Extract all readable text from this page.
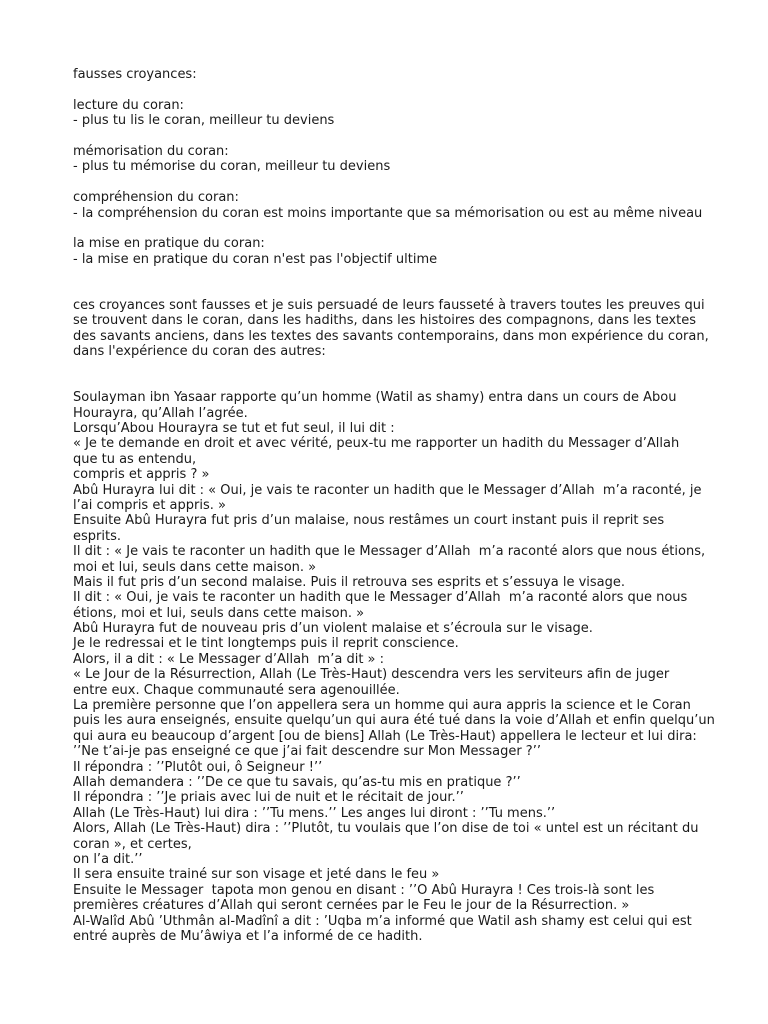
fausses croyances:
lecture du coran:
- plus tu lis le coran, meilleur tu deviens
mémorisation du coran:
- plus tu mémorise du coran, meilleur tu deviens
compréhension du coran:
- la compréhension du coran est moins importante que sa mémorisation ou est au même niveau
la mise en pratique du coran:
- la mise en pratique du coran n'est pas l'objectif ultime
ces croyances sont fausses et je suis persuadé de leurs fausseté à travers toutes les preuves qui
se trouvent dans le coran, dans les hadiths, dans les histoires des compagnons, dans les textes
des savants anciens, dans les textes des savants contemporains, dans mon expérience du coran,
dans l'expérience du coran des autres:
Soulayman ibn Yasaar rapporte qu’un homme (Watil as shamy) entra dans un cours de Abou
Hourayra, qu’Allah l’agrée.
Lorsqu’Abou Hourayra se tut et fut seul, il lui dit :
« Je te demande en droit et avec vérité, peux-tu me rapporter un hadith du Messager d’Allah ￼
que tu as entendu,
compris et appris ? »
Abû Hurayra lui dit : « Oui, je vais te raconter un hadith que le Messager d’Allah ￼ m’a raconté, je
l’ai compris et appris. »
Ensuite Abû Hurayra fut pris d’un malaise, nous restâmes un court instant puis il reprit ses
esprits.
Il dit : « Je vais te raconter un hadith que le Messager d’Allah ￼ m’a raconté alors que nous étions,
moi et lui, seuls dans cette maison. »
Mais il fut pris d’un second malaise. Puis il retrouva ses esprits et s’essuya le visage.
Il dit : « Oui, je vais te raconter un hadith que le Messager d’Allah ￼ m’a raconté alors que nous
étions, moi et lui, seuls dans cette maison. »
Abû Hurayra fut de nouveau pris d’un violent malaise et s’écroula sur le visage.
Je le redressai et le tint longtemps puis il reprit conscience.
Alors, il a dit : « Le Messager d’Allah ￼ m’a dit » :
« Le Jour de la Résurrection, Allah (Le Très-Haut) descendra vers les serviteurs afin de juger
entre eux. Chaque communauté sera agenouillée.
La première personne que l’on appellera sera un homme qui aura appris la science et le Coran
puis les aura enseignés, ensuite quelqu’un qui aura été tué dans la voie d’Allah et enfin quelqu’un
qui aura eu beaucoup d’argent [ou de biens] Allah (Le Très-Haut) appellera le lecteur et lui dira:
’’Ne t’ai-je pas enseigné ce que j’ai fait descendre sur Mon Messager ?’’
Il répondra : ’’Plutôt oui, ô Seigneur !’’
Allah demandera : ’’De ce que tu savais, qu’as-tu mis en pratique ?’’
Il répondra : ’’Je priais avec lui de nuit et le récitait de jour.’’
Allah (Le Très-Haut) lui dira : ’’Tu mens.’’ Les anges lui diront : ’’Tu mens.’’
Alors, Allah (Le Très-Haut) dira : ’’Plutôt, tu voulais que l’on dise de toi « untel est un récitant du
coran », et certes,
on l’a dit.’’
Il sera ensuite trainé sur son visage et jeté dans le feu »
Ensuite le Messager ￼ tapota mon genou en disant : ’’O Abû Hurayra ! Ces trois-là sont les
premières créatures d’Allah qui seront cernées par le Feu le jour de la Résurrection. »
Al-Walîd Abû ’Uthmân al-Madînî a dit : ’Uqba m’a informé que Watil ash shamy est celui qui est
entré auprès de Mu’âwiya et l’a informé de ce hadith.
